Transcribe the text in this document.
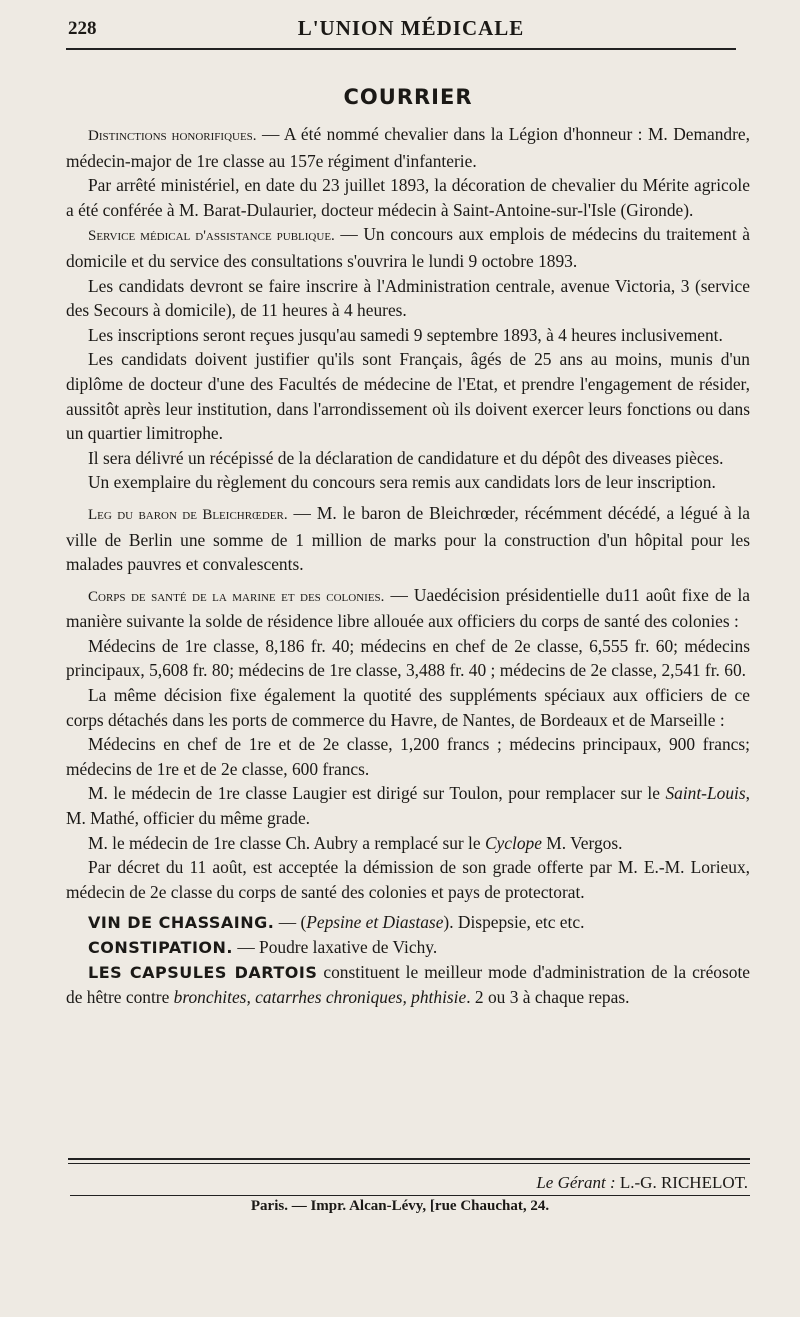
228	L'UNION MÉDICALE
COURRIER

Distinctions honorifiques. — A été nommé chevalier dans la Légion d'honneur : M. Demandre, médecin-major de 1re classe au 157e régiment d'infanterie.

Par arrêté ministériel, en date du 23 juillet 1893, la décoration de chevalier du Mérite agricole a été conférée à M. Barat-Dulaurier, docteur médecin à Saint-Antoine-sur-l'Isle (Gironde).

Service médical d'assistance publique. — Un concours aux emplois de médecins du traitement à domicile et du service des consultations s'ouvrira le lundi 9 octobre 1893.

Les candidats devront se faire inscrire à l'Administration centrale, avenue Victoria, 3 (service des Secours à domicile), de 11 heures à 4 heures.

Les inscriptions seront reçues jusqu'au samedi 9 septembre 1893, à 4 heures inclusivement.

Les candidats doivent justifier qu'ils sont Français, âgés de 25 ans au moins, munis d'un diplôme de docteur d'une des Facultés de médecine de l'Etat, et prendre l'engagement de résider, aussitôt après leur institution, dans l'arrondissement où ils doivent exercer leurs fonctions ou dans un quartier limitrophe.

Il sera délivré un récépissé de la déclaration de candidature et du dépôt des diveases pièces.

Un exemplaire du règlement du concours sera remis aux candidats lors de leur inscription.

Leg du baron de Bleichrœder. — M. le baron de Bleichrœder, récémment décédé, a légué à la ville de Berlin une somme de 1 million de marks pour la construction d'un hôpital pour les malades pauvres et convalescents.

Corps de santé de la marine et des colonies. — Uaedécision présidentielle du11 août fixe de la manière suivante la solde de résidence libre allouée aux officiers du corps de santé des colonies :

Médecins de 1re classe, 8,186 fr. 40; médecins en chef de 2e classe, 6,555 fr. 60; médecins principaux, 5,608 fr. 80; médecins de 1re classe, 3,488 fr. 40 ; médecins de 2e classe, 2,541 fr. 60.

La même décision fixe également la quotité des suppléments spéciaux aux officiers de ce corps détachés dans les ports de commerce du Havre, de Nantes, de Bordeaux et de Marseille :

Médecins en chef de 1re et de 2e classe, 1,200 francs ; médecins principaux, 900 francs; médecins de 1re et de 2e classe, 600 francs.

M. le médecin de 1re classe Laugier est dirigé sur Toulon, pour remplacer sur le Saint-Louis, M. Mathé, officier du même grade.

M. le médecin de 1re classe Ch. Aubry a remplacé sur le Cyclope M. Vergos.

Par décret du 11 août, est acceptée la démission de son grade offerte par M. E.-M. Lorieux, médecin de 2e classe du corps de santé des colonies et pays de protectorat.

VIN DE CHASSAING. — (Pepsine et Diastase). Dispepsie, etc etc.

CONSTIPATION. — Poudre laxative de Vichy.

LES CAPSULES DARTOIS constituent le meilleur mode d'administration de la créosote de hêtre contre bronchites, catarrhes chroniques, phthisie. 2 ou 3 à chaque repas.

Le Gérant : L.-G. RICHELOT.
Paris. — Impr. Alcan-Lévy, [rue Chauchat, 24.
